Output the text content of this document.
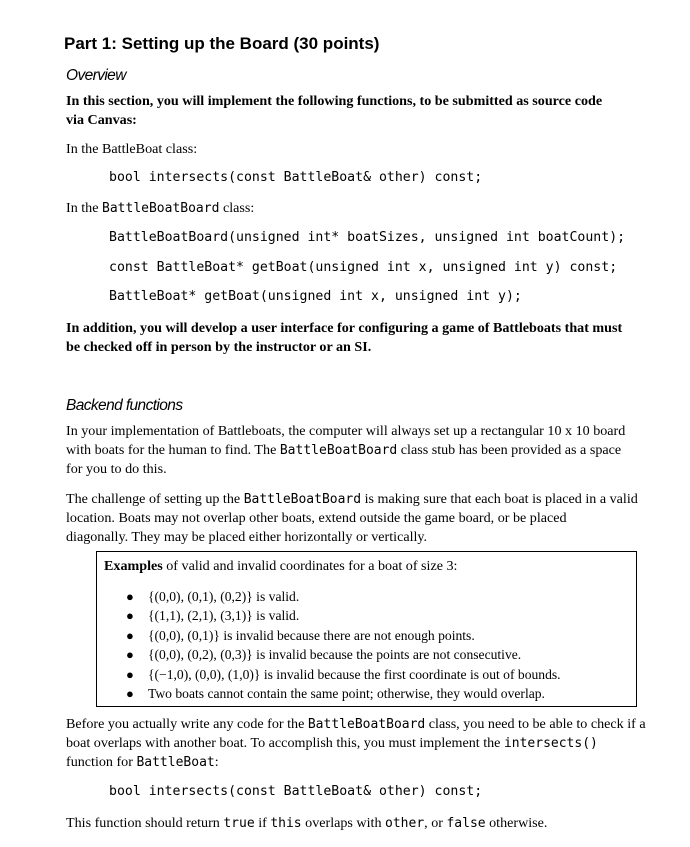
Part 1: Setting up the Board (30 points)
Overview

In this section, you will implement the following functions, to be submitted as source code

via Canvas:

In the BattleBoat class:

bool intersects(const BattleBoat& other) const;

In the BattleBoatBoard class:

BattleBoatBoard(unsigned int* boatSizes, unsigned int boatCount);

const BattleBoat* getBoat(unsigned int x, unsigned int y) const;

BattleBoat* getBoat(unsigned int x, unsigned int y);

In addition, you will develop a user interface for configuring a game of Battleboats that must

be checked off in person by the instructor or an SI.

Backend functions

In your implementation of Battleboats, the computer will always set up a rectangular 10 x 10 board

with boats for the human to find. The BattleBoatBoard class stub has been provided as a space

for you to do this.

The challenge of setting up the BattleBoatBoard is making sure that each boat is placed in a valid

location. Boats may not overlap other boats, extend outside the game board, or be placed

diagonally. They may be placed either horizontally or vertically.

Examples of valid and invalid coordinates for a boat of size 3:

● {(0,0), (0,1), (0,2)} is valid.
● {(1,1), (2,1), (3,1)} is valid.
● {(0,0), (0,1)} is invalid because there are not enough points.
● {(0,0), (0,2), (0,3)} is invalid because the points are not consecutive.
● {(−1,0), (0,0), (1,0)} is invalid because the first coordinate is out of bounds.
● Two boats cannot contain the same point; otherwise, they would overlap.

Before you actually write any code for the BattleBoatBoard class, you need to be able to check if a

boat overlaps with another boat. To accomplish this, you must implement the intersects()

function for BattleBoat:

bool intersects(const BattleBoat& other) const;

This function should return true if this overlaps with other, or false otherwise.
